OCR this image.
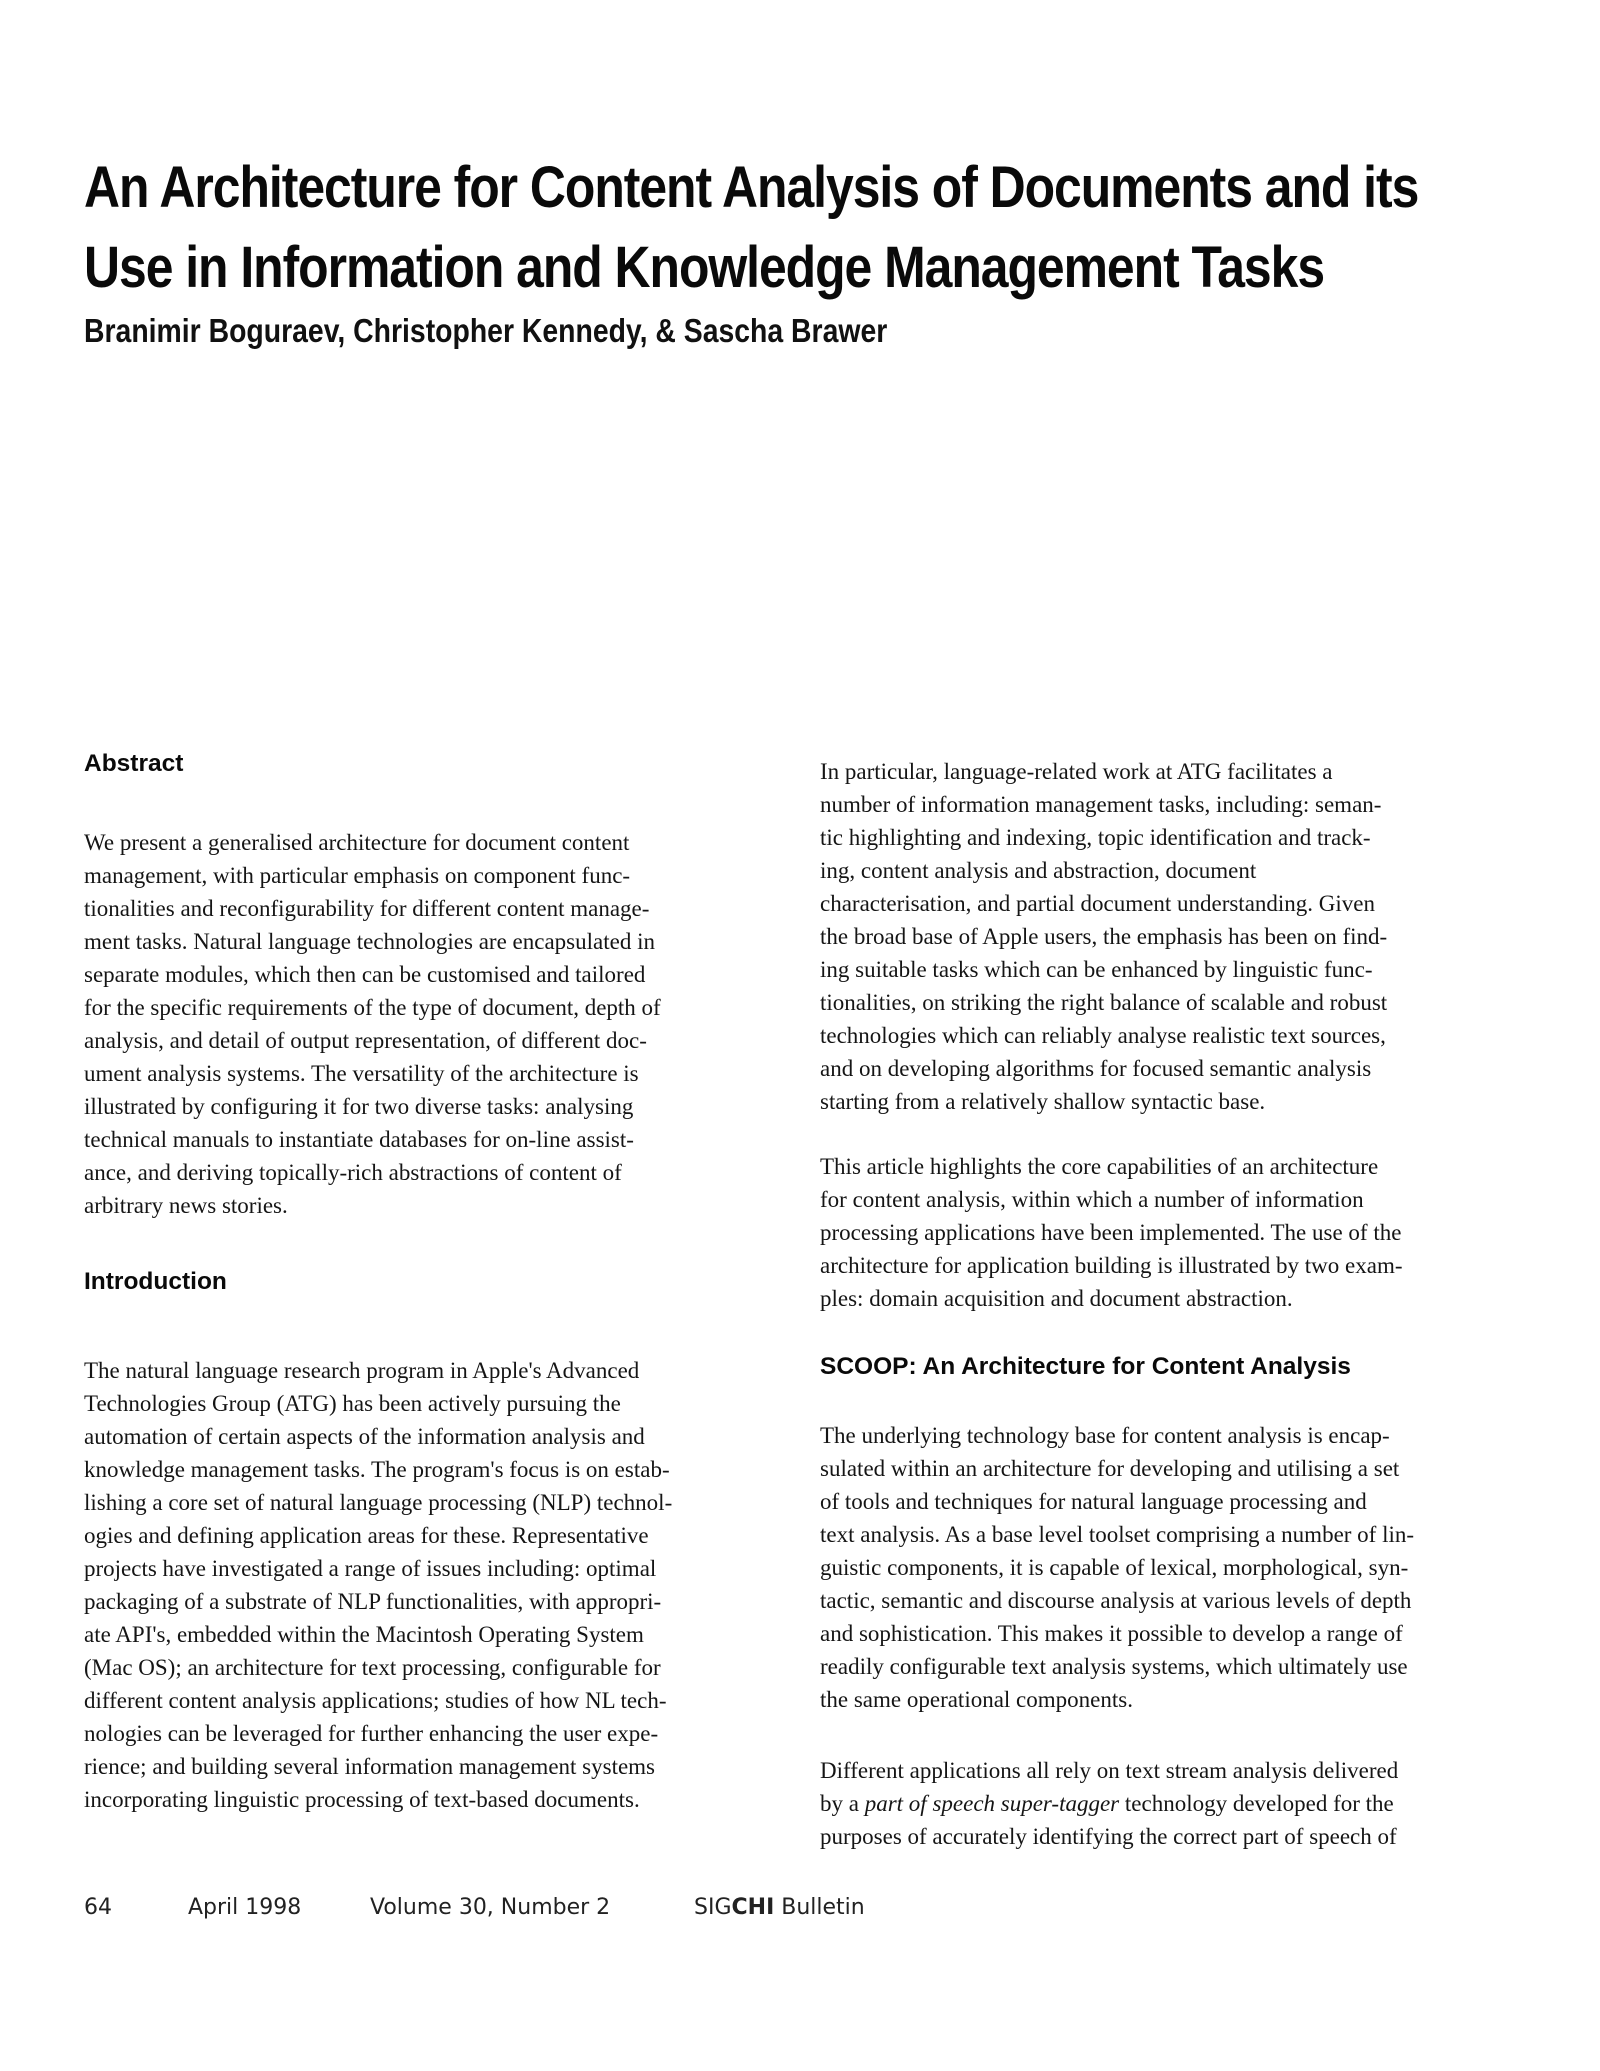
An Architecture for Content Analysis of Documents and its
Use in Information and Knowledge Management Tasks

Branimir Boguraev, Christopher Kennedy, & Sascha Brawer

Abstract
We present a generalised architecture for document content
management, with particular emphasis on component func-
tionalities and reconfigurability for different content manage-
ment tasks. Natural language technologies are encapsulated in
separate modules, which then can be customised and tailored
for the specific requirements of the type of document, depth of
analysis, and detail of output representation, of different doc-
ument analysis systems. The versatility of the architecture is
illustrated by configuring it for two diverse tasks: analysing
technical manuals to instantiate databases for on-line assist-
ance, and deriving topically-rich abstractions of content of
arbitrary news stories.
Introduction
The natural language research program in Apple's Advanced
Technologies Group (ATG) has been actively pursuing the
automation of certain aspects of the information analysis and
knowledge management tasks. The program's focus is on estab-
lishing a core set of natural language processing (NLP) technol-
ogies and defining application areas for these. Representative
projects have investigated a range of issues including: optimal
packaging of a substrate of NLP functionalities, with appropri-
ate API's, embedded within the Macintosh Operating System
(Mac OS); an architecture for text processing, configurable for
different content analysis applications; studies of how NL tech-
nologies can be leveraged for further enhancing the user expe-
rience; and building several information management systems
incorporating linguistic processing of text-based documents.
In particular, language-related work at ATG facilitates a
number of information management tasks, including: seman-
tic highlighting and indexing, topic identification and track-
ing, content analysis and abstraction, document
characterisation, and partial document understanding. Given
the broad base of Apple users, the emphasis has been on find-
ing suitable tasks which can be enhanced by linguistic func-
tionalities, on striking the right balance of scalable and robust
technologies which can reliably analyse realistic text sources,
and on developing algorithms for focused semantic analysis
starting from a relatively shallow syntactic base.
This article highlights the core capabilities of an architecture
for content analysis, within which a number of information
processing applications have been implemented. The use of the
architecture for application building is illustrated by two exam-
ples: domain acquisition and document abstraction.
SCOOP: An Architecture for Content Analysis
The underlying technology base for content analysis is encap-
sulated within an architecture for developing and utilising a set
of tools and techniques for natural language processing and
text analysis. As a base level toolset comprising a number of lin-
guistic components, it is capable of lexical, morphological, syn-
tactic, semantic and discourse analysis at various levels of depth
and sophistication. This makes it possible to develop a range of
readily configurable text analysis systems, which ultimately use
the same operational components.
Different applications all rely on text stream analysis delivered
by a part of speech super-tagger technology developed for the
purposes of accurately identifying the correct part of speech of
64	April 1998	Volume 30, Number 2	SIGCHI Bulletin
